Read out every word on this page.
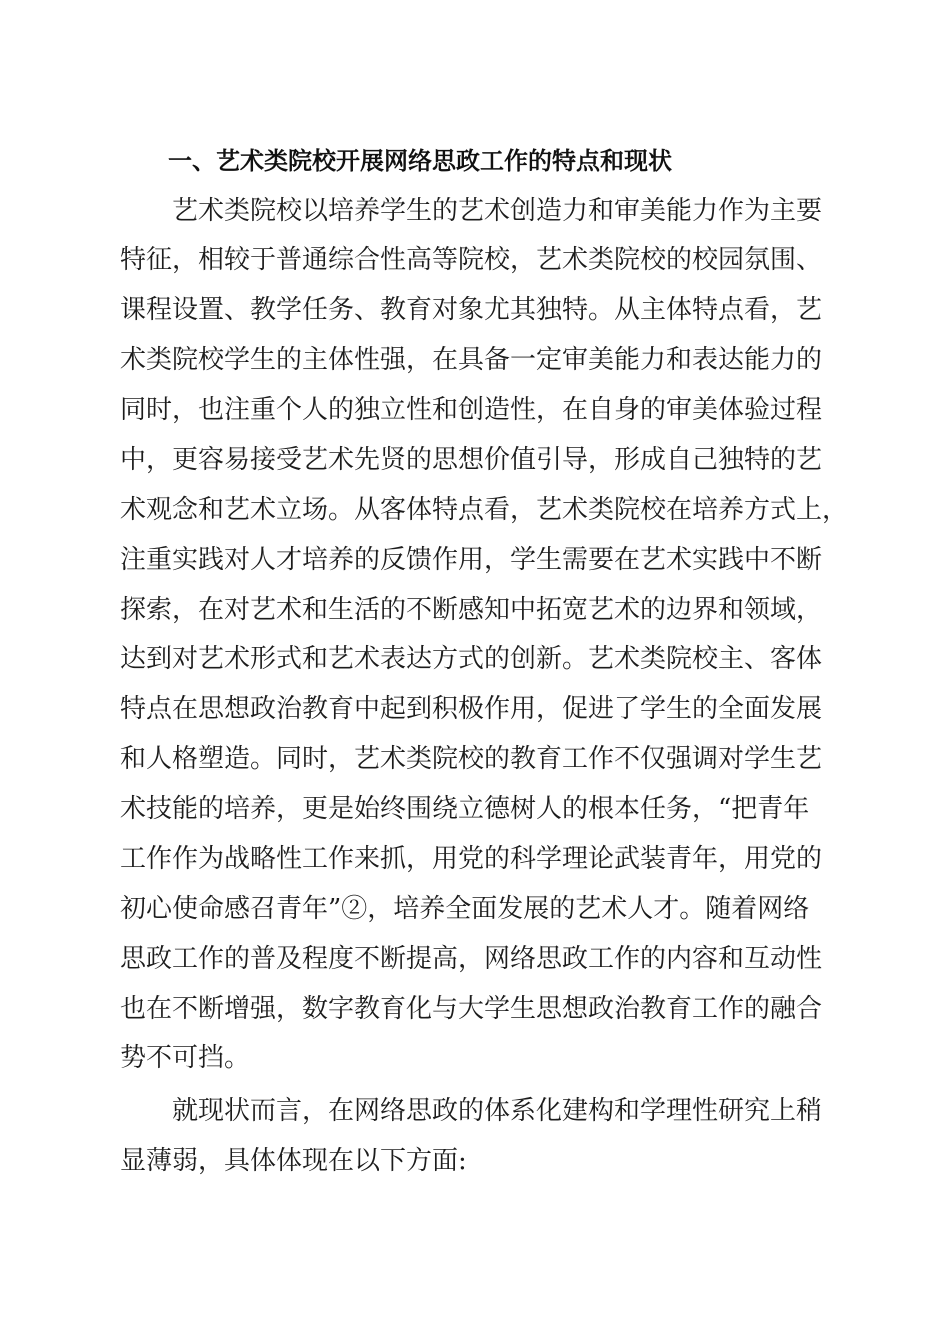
一、艺术类院校开展网络思政工作的特点和现状
艺术类院校以培养学生的艺术创造力和审美能力作为主要
特征，相较于普通综合性高等院校，艺术类院校的校园氛围、
课程设置、教学任务、教育对象尤其独特。从主体特点看，艺
术类院校学生的主体性强，在具备一定审美能力和表达能力的
同时，也注重个人的独立性和创造性，在自身的审美体验过程
中，更容易接受艺术先贤的思想价值引导，形成自己独特的艺
术观念和艺术立场。从客体特点看，艺术类院校在培养方式上，
注重实践对人才培养的反馈作用，学生需要在艺术实践中不断
探索，在对艺术和生活的不断感知中拓宽艺术的边界和领域，
达到对艺术形式和艺术表达方式的创新。艺术类院校主、客体
特点在思想政治教育中起到积极作用，促进了学生的全面发展
和人格塑造。同时，艺术类院校的教育工作不仅强调对学生艺
术技能的培养，更是始终围绕立德树人的根本任务，“把青年
工作作为战略性工作来抓，用党的科学理论武装青年，用党的
初心使命感召青年”②，培养全面发展的艺术人才。随着网络
思政工作的普及程度不断提高，网络思政工作的内容和互动性
也在不断增强，数字教育化与大学生思想政治教育工作的融合
势不可挡。
就现状而言，在网络思政的体系化建构和学理性研究上稍
显薄弱，具体体现在以下方面:
